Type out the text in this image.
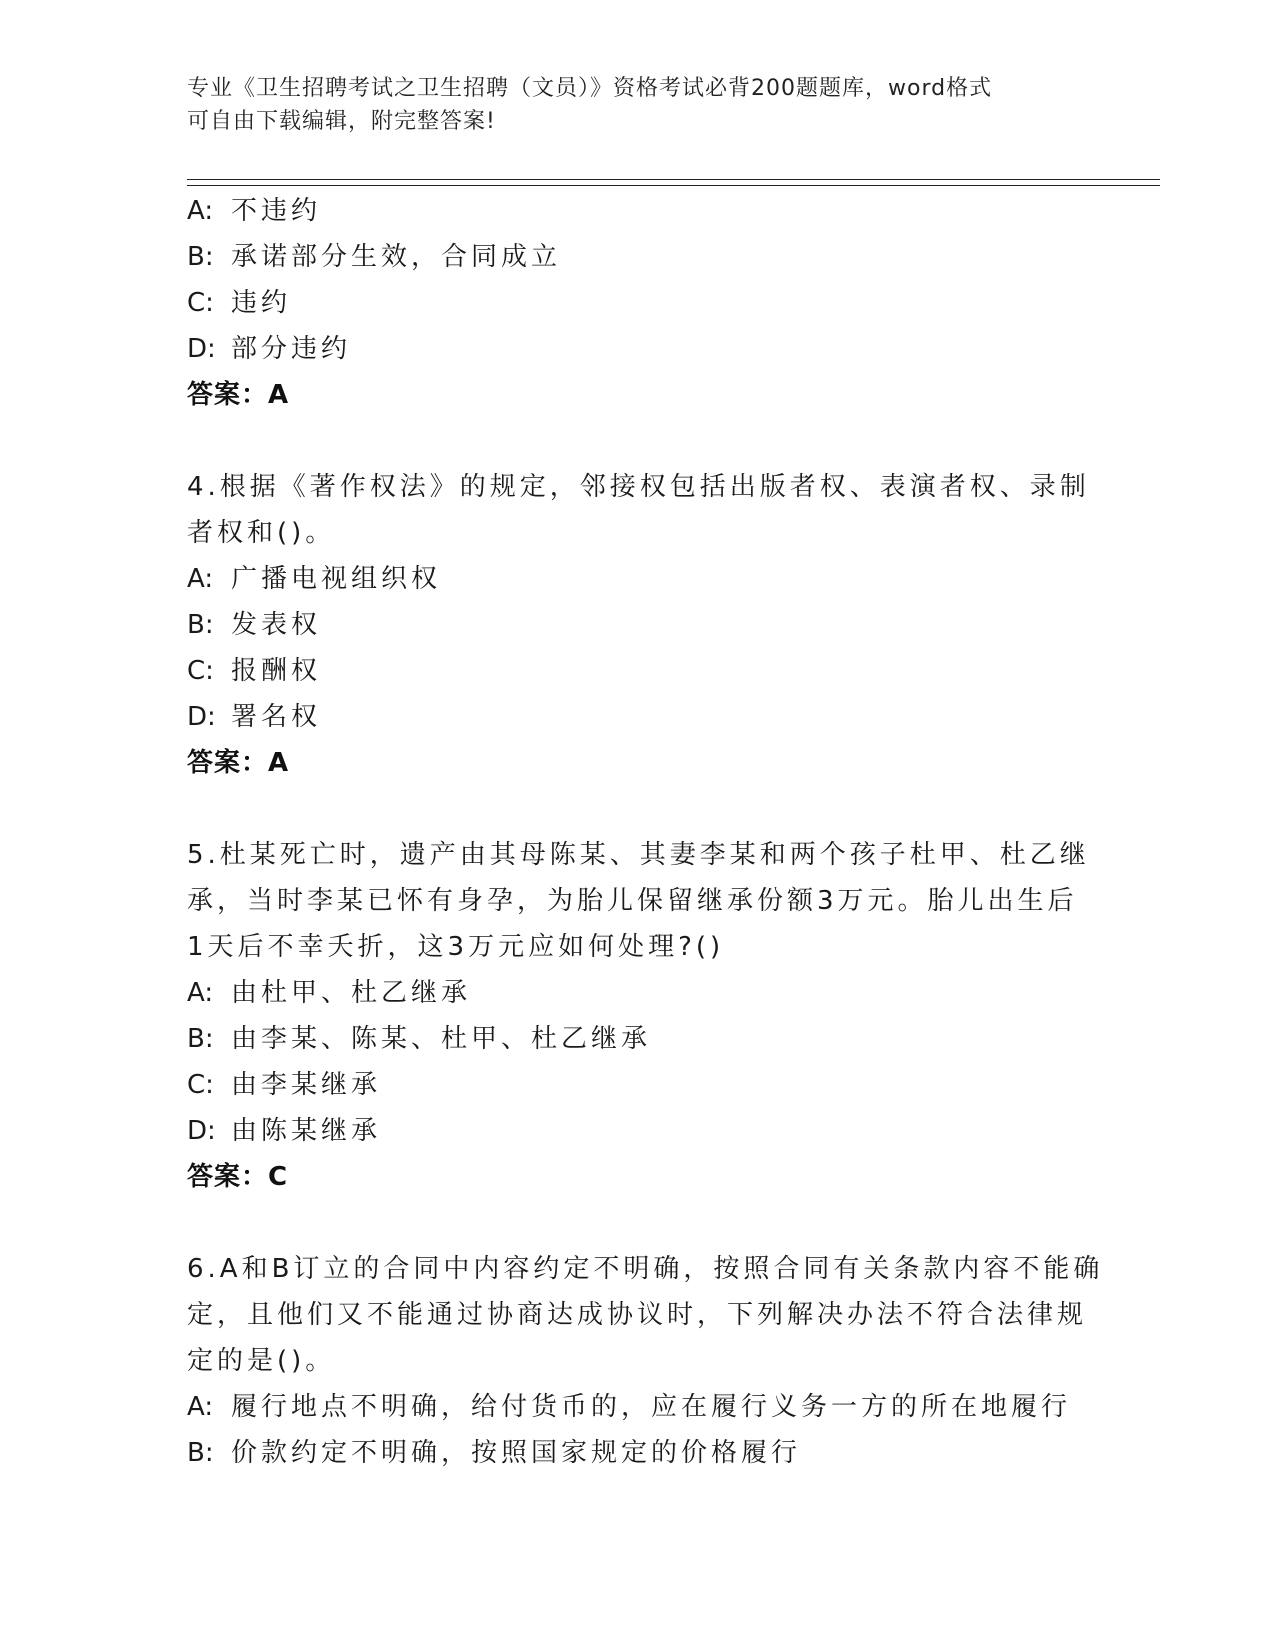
专业《卫生招聘考试之卫生招聘（文员）》资格考试必背200题题库，word格式
可自由下载编辑，附完整答案!
A: 不违约
B: 承诺部分生效，合同成立
C: 违约
D: 部分违约
答案：A
4.根据《著作权法》的规定，邻接权包括出版者权、表演者权、录制
者权和()。
A: 广播电视组织权
B: 发表权
C: 报酬权
D: 署名权
答案：A
5.杜某死亡时，遗产由其母陈某、其妻李某和两个孩子杜甲、杜乙继
承，当时李某已怀有身孕，为胎儿保留继承份额3万元。胎儿出生后
1天后不幸夭折，这3万元应如何处理?()
A: 由杜甲、杜乙继承
B: 由李某、陈某、杜甲、杜乙继承
C: 由李某继承
D: 由陈某继承
答案：C
6.A和B订立的合同中内容约定不明确，按照合同有关条款内容不能确
定，且他们又不能通过协商达成协议时，下列解决办法不符合法律规
定的是()。
A: 履行地点不明确，给付货币的，应在履行义务一方的所在地履行
B: 价款约定不明确，按照国家规定的价格履行
